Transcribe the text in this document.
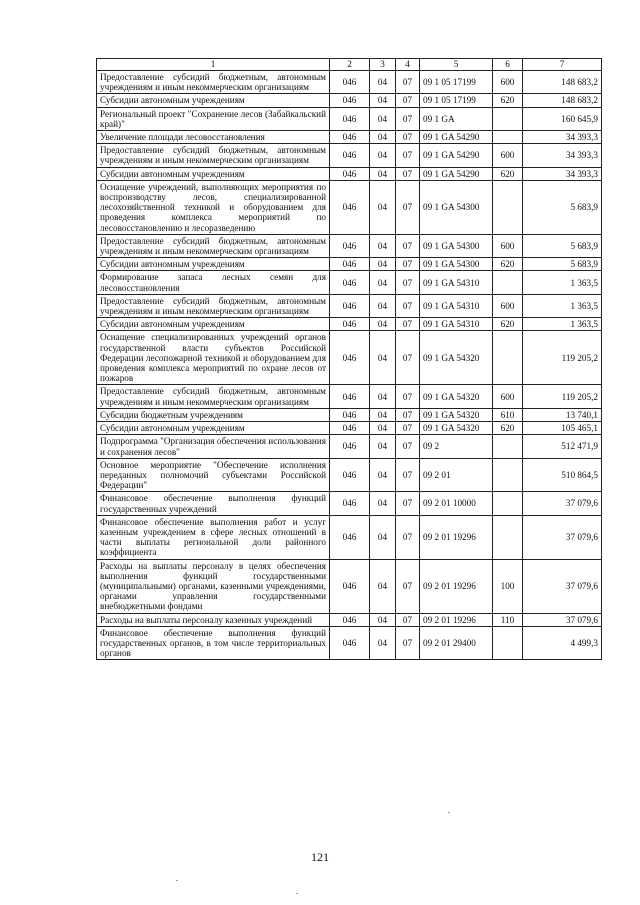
1	2	3	4	5	6	7
Предоставление субсидий бюджетным, автономным учреждениям и иным некоммерческим организациям	046	04	07	09 1 05 17199	600	148 683,2
Субсидии автономным учреждениям	046	04	07	09 1 05 17199	620	148 683,2
Региональный проект "Сохранение лесов (Забайкальский край)"	046	04	07	09 1 GA		160 645,9
Увеличение площади лесовосстановления	046	04	07	09 1 GA 54290		34 393,3
Предоставление субсидий бюджетным, автономным учреждениям и иным некоммерческим организациям	046	04	07	09 1 GA 54290	600	34 393,3
Субсидии автономным учреждениям	046	04	07	09 1 GA 54290	620	34 393,3
Оснащение учреждений, выполняющих мероприятия по воспроизводству лесов, специализированной лесохозяйственной техникой и оборудованием для проведения комплекса мероприятий по лесовосстановлению и лесоразведению	046	04	07	09 1 GA 54300		5 683,9
Предоставление субсидий бюджетным, автономным учреждениям и иным некоммерческим организациям	046	04	07	09 1 GA 54300	600	5 683,9
Субсидии автономным учреждениям	046	04	07	09 1 GA 54300	620	5 683,9
Формирование запаса лесных семян для лесовосстановления	046	04	07	09 1 GA 54310		1 363,5
Предоставление субсидий бюджетным, автономным учреждениям и иным некоммерческим организациям	046	04	07	09 1 GA 54310	600	1 363,5
Субсидии автономным учреждениям	046	04	07	09 1 GA 54310	620	1 363,5
Оснащение специализированных учреждений органов государственной власти субъектов Российской Федерации лесопожарной техникой и оборудованием для проведения комплекса мероприятий по охране лесов от пожаров	046	04	07	09 1 GA 54320		119 205,2
Предоставление субсидий бюджетным, автономным учреждениям и иным некоммерческим организациям	046	04	07	09 1 GA 54320	600	119 205,2
Субсидии бюджетным учреждениям	046	04	07	09 1 GA 54320	610	13 740,1
Субсидии автономным учреждениям	046	04	07	09 1 GA 54320	620	105 465,1
Подпрограмма "Организация обеспечения использования и сохранения лесов"	046	04	07	09 2		512 471,9
Основное мероприятие "Обеспечение исполнения переданных полномочий субъектами Российской Федерации"	046	04	07	09 2 01		510 864,5
Финансовое обеспечение выполнения функций государственных учреждений	046	04	07	09 2 01 10000		37 079,6
Финансовое обеспечение выполнения работ и услуг казенным учреждением в сфере лесных отношений в части выплаты региональной доли районного коэффициента	046	04	07	09 2 01 19296		37 079,6
Расходы на выплаты персоналу в целях обеспечения выполнения функций государственными (муниципальными) органами, казенными учреждениями, органами управления государственными внебюджетными фондами	046	04	07	09 2 01 19296	100	37 079,6
Расходы на выплаты персоналу казенных учреждений	046	04	07	09 2 01 19296	110	37 079,6
Финансовое обеспечение выполнения функций государственных органов, в том числе территориальных органов	046	04	07	09 2 01 29400		4 499,3
121
